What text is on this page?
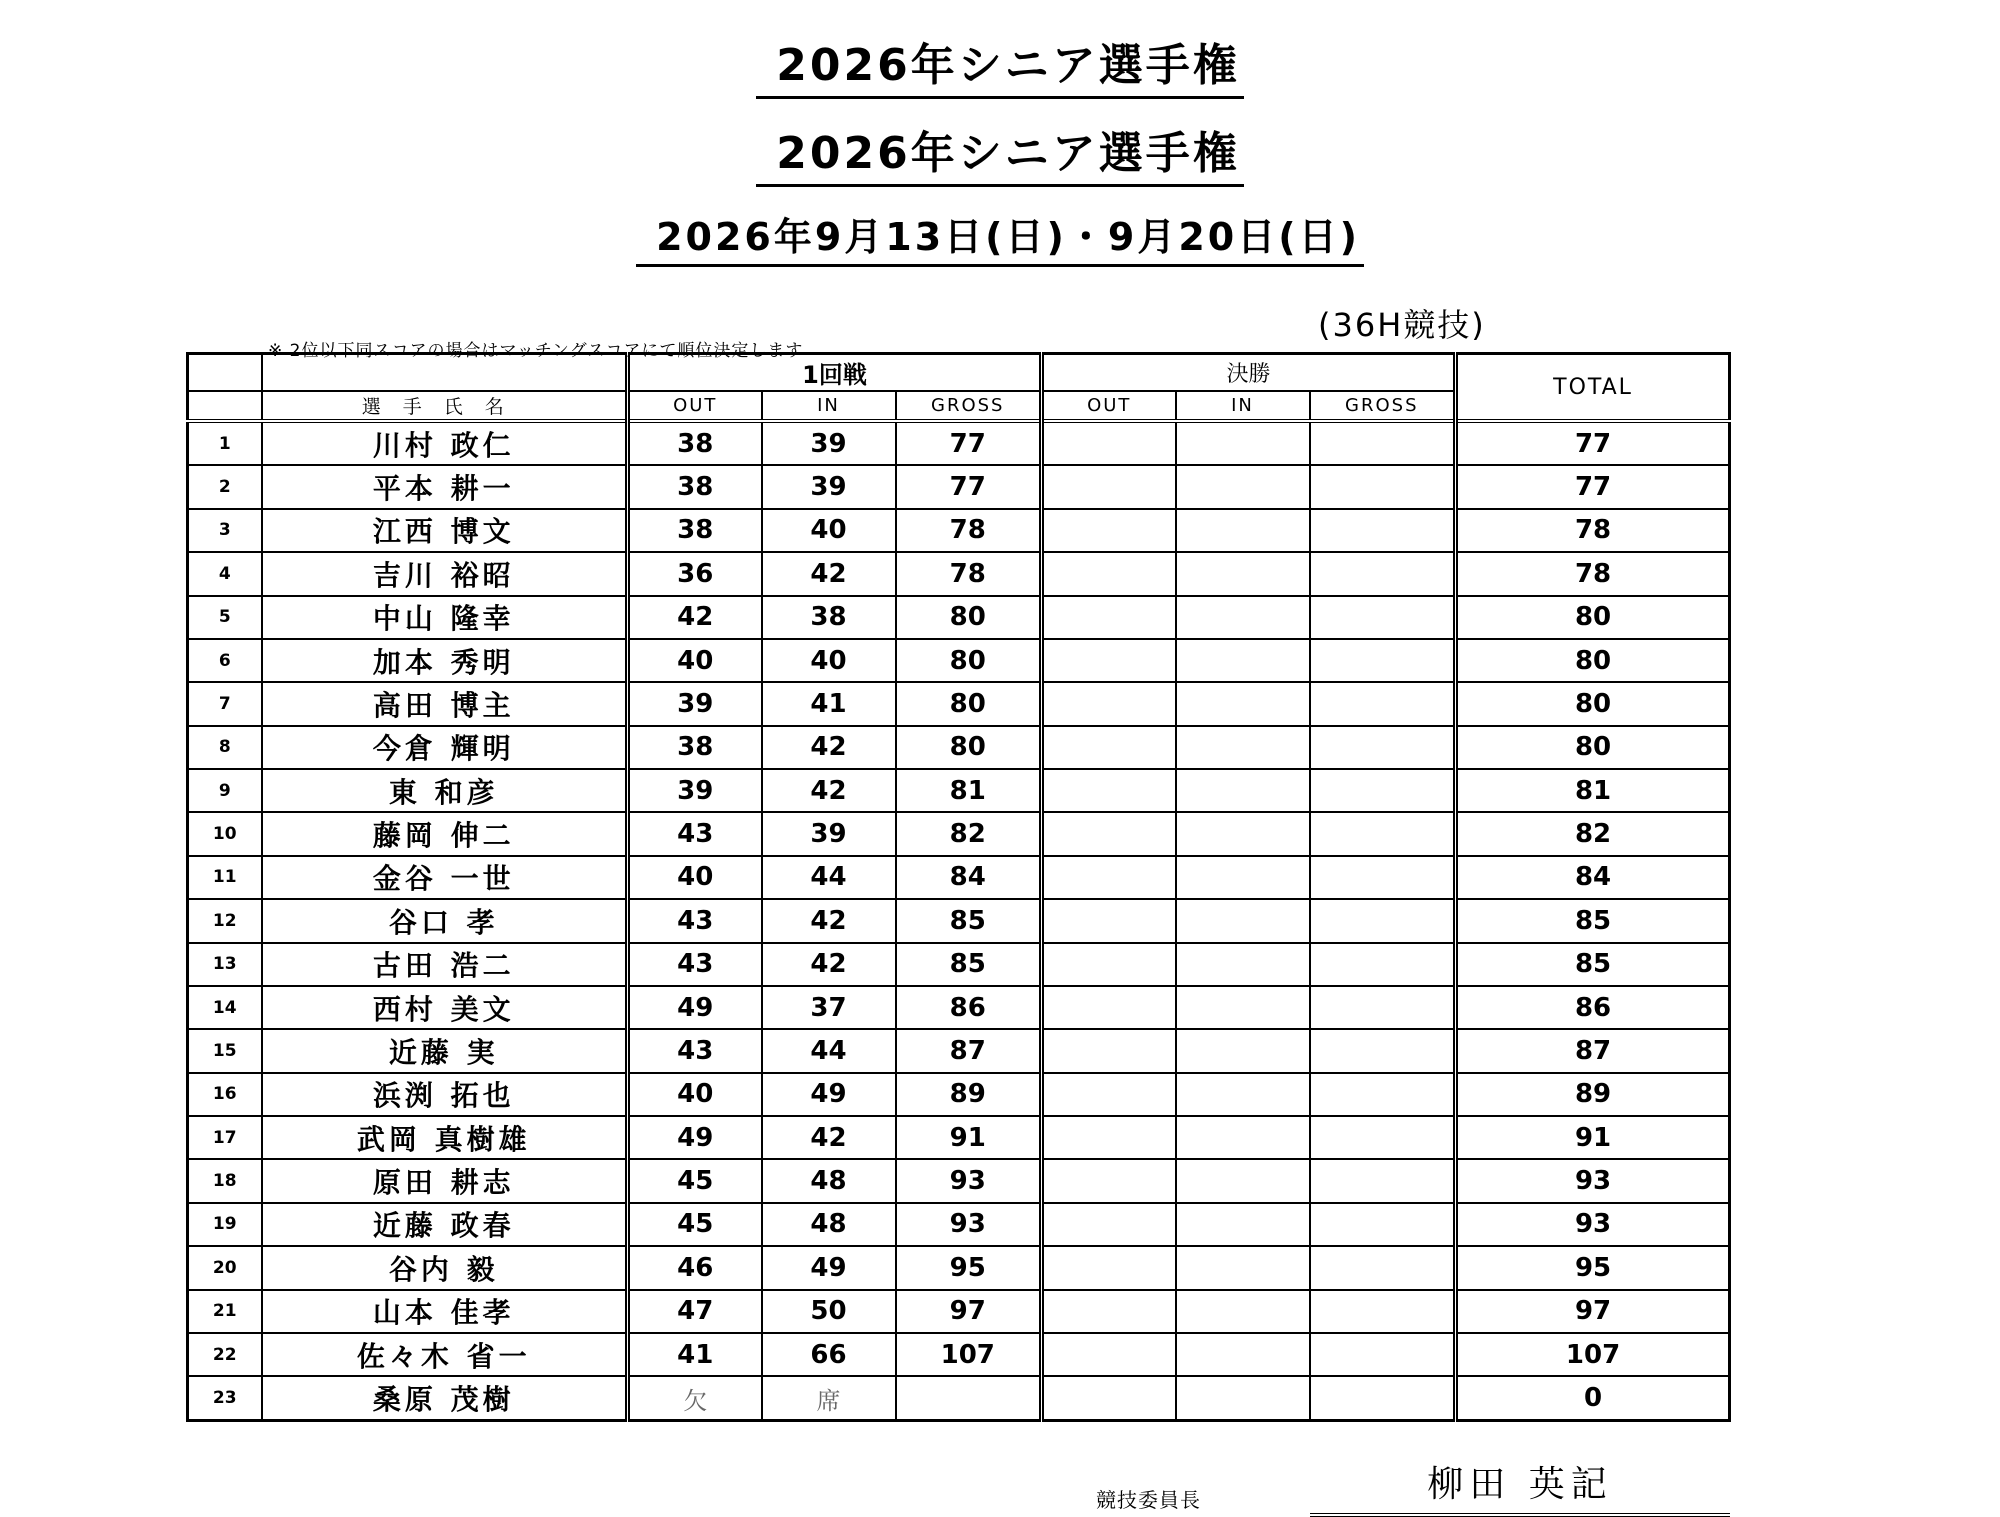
2026年シニア選手権
2026年シニア選手権
2026年9月13日(日)・9月20日(日)
(36H競技)
※ 2位以下同スコアの場合はマッチングスコアにて順位決定します
		1回戦			決勝			TOTAL
	選手氏名	OUT	IN	GROSS	OUT	IN	GROSS	
1	川村 政仁	38	39	77				77
2	平本 耕一	38	39	77				77
3	江西 博文	38	40	78				78
4	吉川 裕昭	36	42	78				78
5	中山 隆幸	42	38	80				80
6	加本 秀明	40	40	80				80
7	高田 博主	39	41	80				80
8	今倉 輝明	38	42	80				80
9	東 和彦	39	42	81				81
10	藤岡 伸二	43	39	82				82
11	金谷 一世	40	44	84				84
12	谷口 孝	43	42	85				85
13	古田 浩二	43	42	85				85
14	西村 美文	49	37	86				86
15	近藤 実	43	44	87				87
16	浜渕 拓也	40	49	89				89
17	武岡 真樹雄	49	42	91				91
18	原田 耕志	45	48	93				93
19	近藤 政春	45	48	93				93
20	谷内 毅	46	49	95				95
21	山本 佳孝	47	50	97				97
22	佐々木 省一	41	66	107				107
23	桑原 茂樹	欠	席					0
競技委員長	柳田 英記
